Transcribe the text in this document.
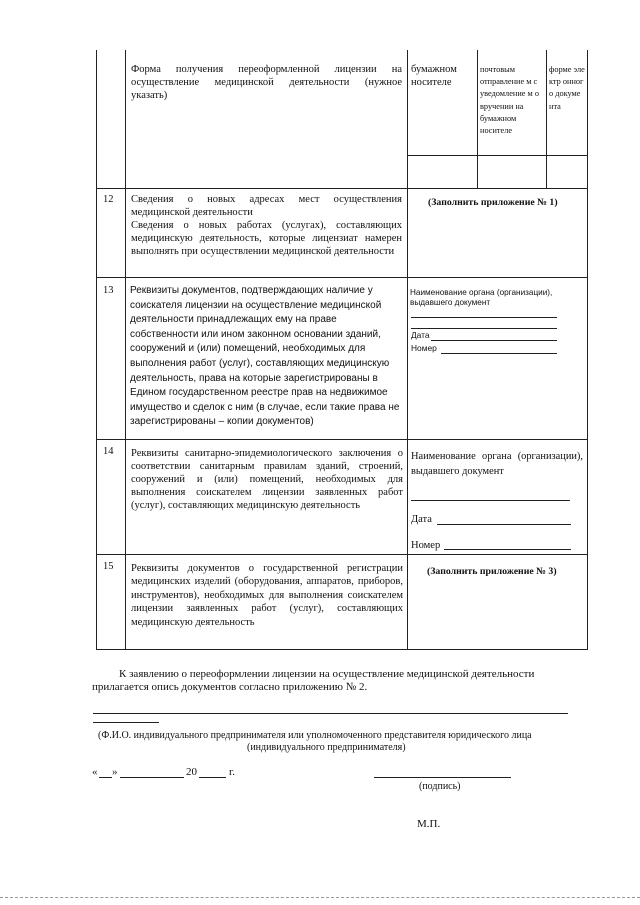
Форма получения переоформленной лицензии на осуществление медицинской деятельности (нужное указать)
бумажном носителе
почтовым отправление м с уведомление м о вручении на бумажном носителе
форме электр онного докуме нта
12 Сведения о новых адресах мест осуществления медицинской деятельности
Сведения о новых работах (услугах), составляющих медицинскую деятельность, которые лицензиат намерен выполнять при осуществлении медицинской деятельности
(Заполнить приложение № 1)
13 Реквизиты документов, подтверждающих наличие у соискателя лицензии на осуществление медицинской деятельности принадлежащих ему на праве собственности или ином законном основании зданий, сооружений и (или) помещений, необходимых для выполнения работ (услуг), составляющих медицинскую деятельность, права на которые зарегистрированы в Едином государственном реестре прав на недвижимое имущество и сделок с ним (в случае, если такие права не зарегистрированы – копии документов)
Наименование органа (организации), выдавшего документ
Дата
Номер
14 Реквизиты санитарно-эпидемиологического заключения о соответствии санитарным правилам зданий, строений, сооружений и (или) помещений, необходимых для выполнения соискателем лицензии заявленных работ (услуг), составляющих медицинскую деятельность
Наименование органа (организации), выдавшего документ
Дата
Номер
15 Реквизиты документов о государственной регистрации медицинских изделий (оборудования, аппаратов, приборов, инструментов), необходимых для выполнения соискателем лицензии заявленных работ (услуг), составляющих медицинскую деятельность
(Заполнить приложение № 3)
К заявлению о переоформлении лицензии на осуществление медицинской деятельности
прилагается опись документов согласно приложению № 2.
(Ф.И.О. индивидуального предпринимателя или уполномоченного представителя юридического лица
(индивидуального предпринимателя)
« »	20	г.
(подпись)
М.П.
